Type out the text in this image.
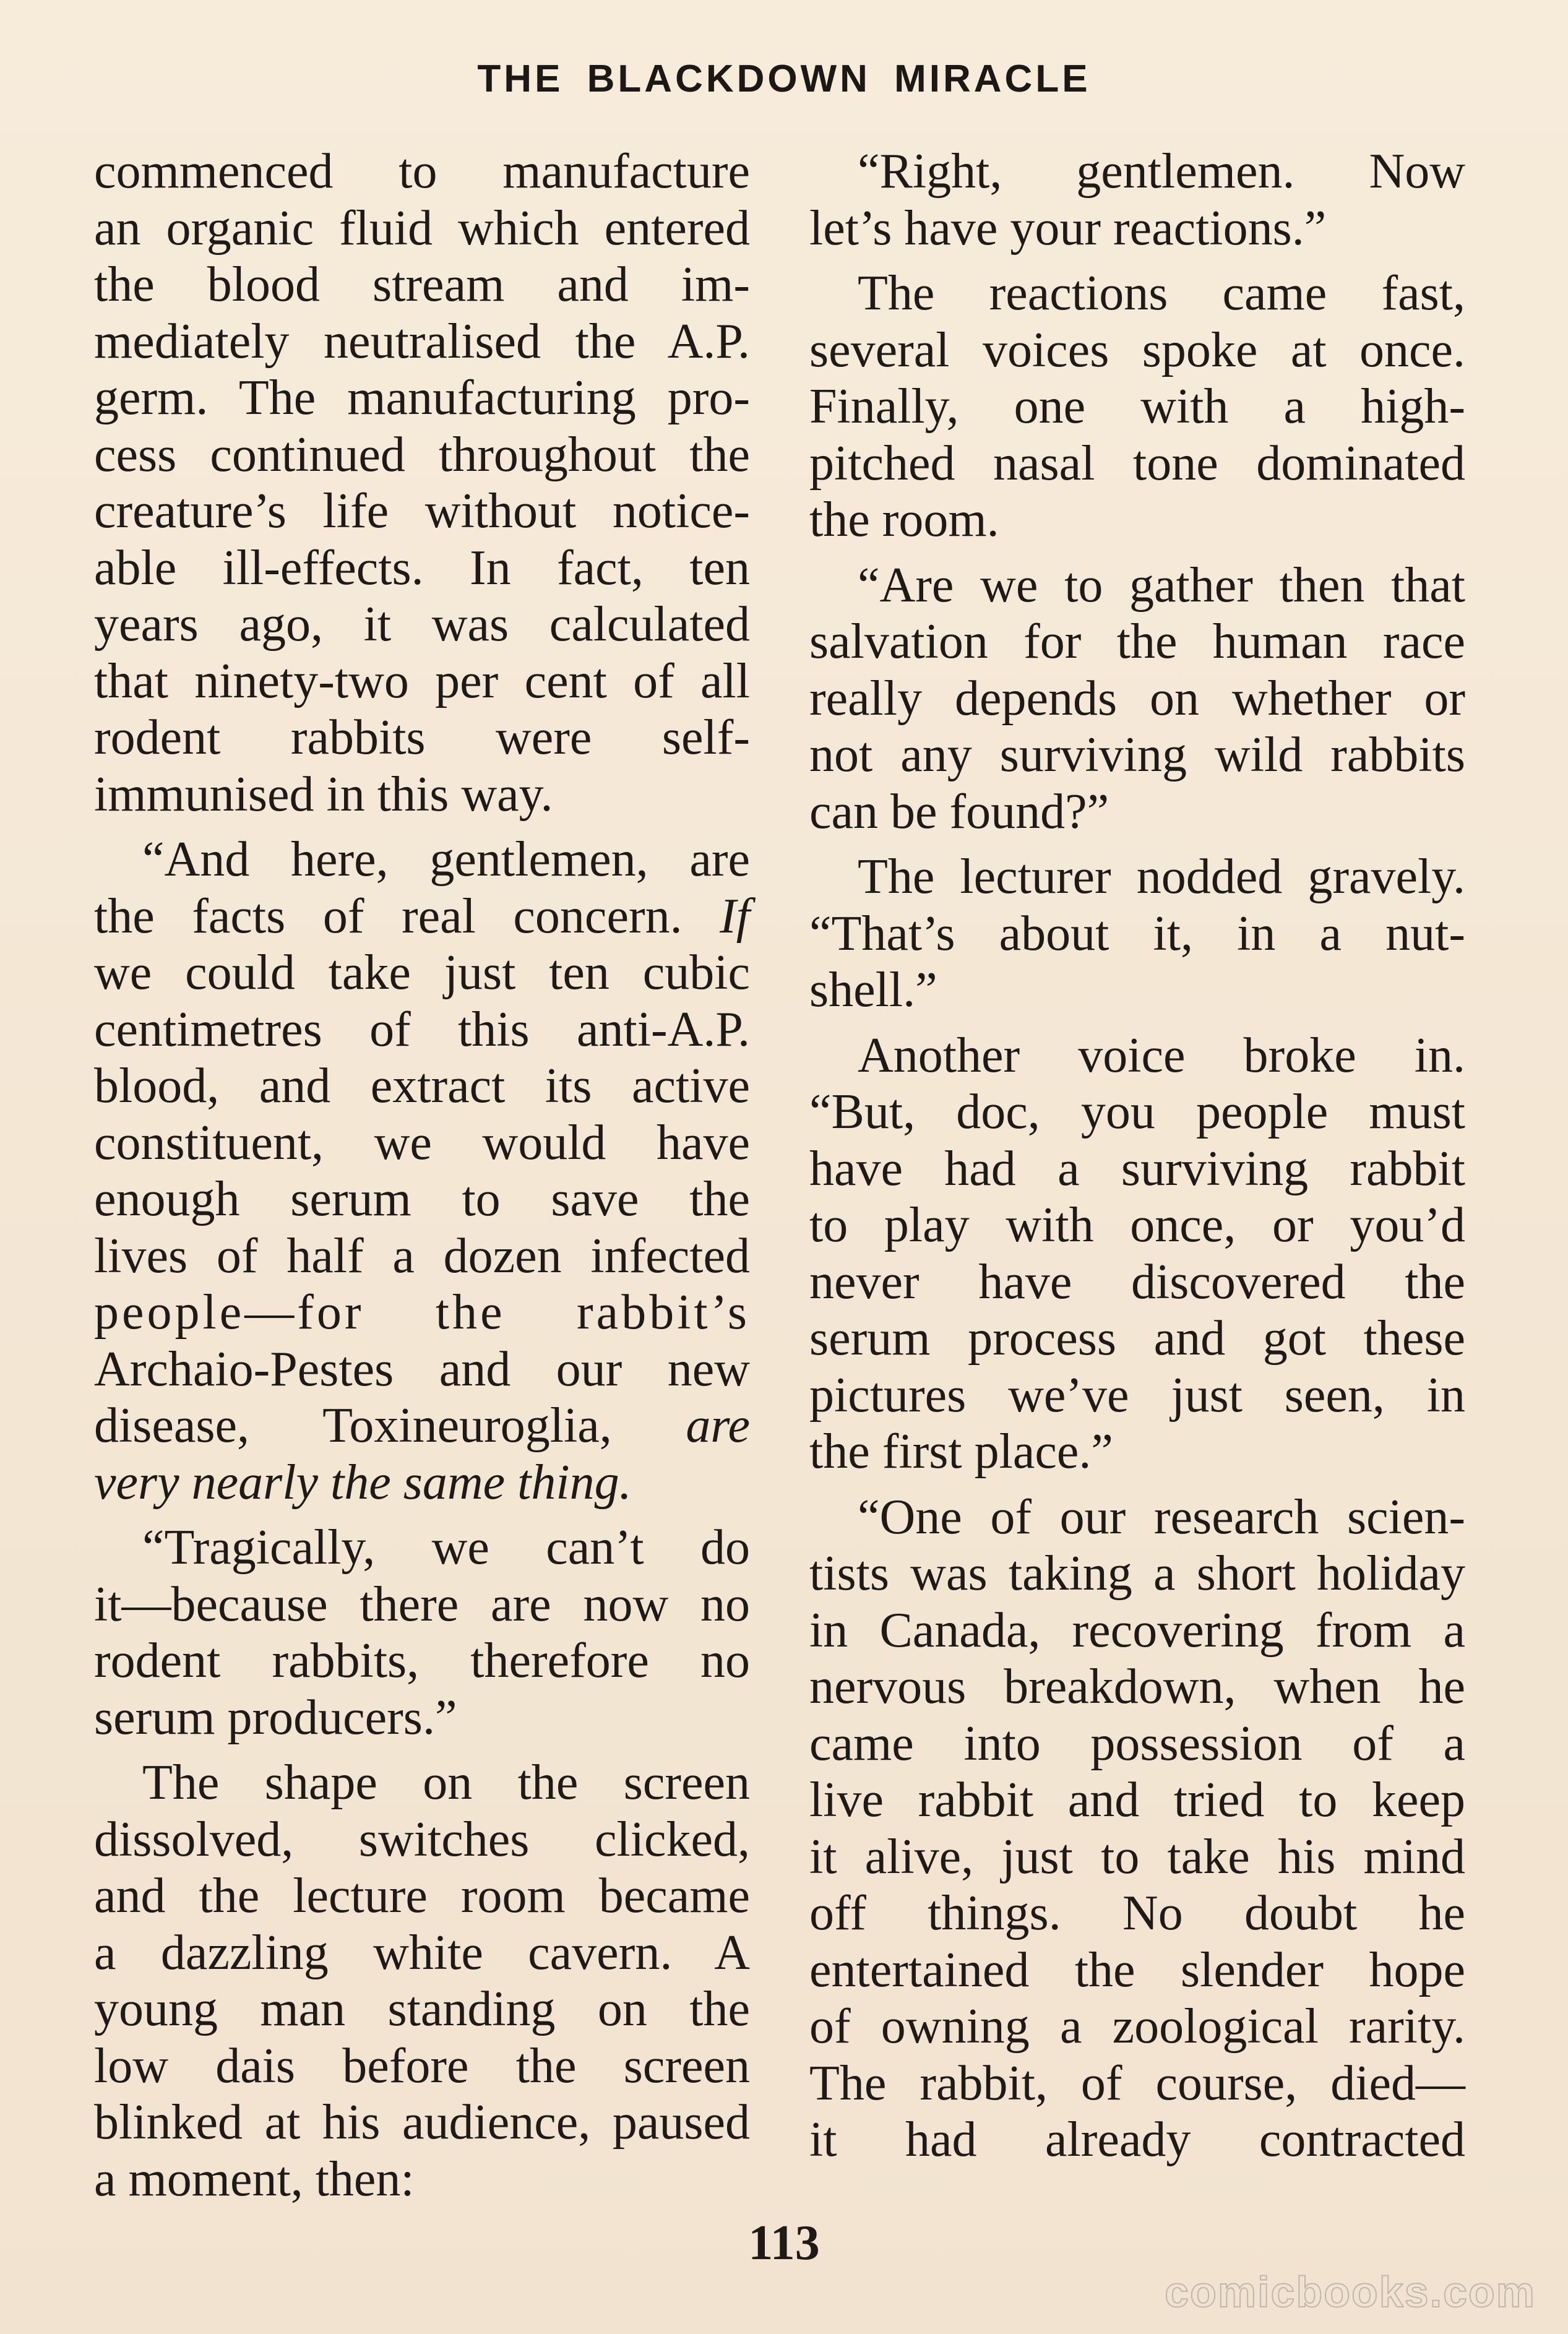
THE BLACKDOWN MIRACLE

commenced to manufacture
an organic fluid which entered
the blood stream and im-
mediately neutralised the A.P.
germ. The manufacturing pro-
cess continued throughout the
creature’s life without notice-
able ill-effects. In fact, ten
years ago, it was calculated
that ninety-two per cent of all
rodent rabbits were self-
immunised in this way.

“And here, gentlemen, are
the facts of real concern. If
we could take just ten cubic
centimetres of this anti-A.P.
blood, and extract its active
constituent, we would have
enough serum to save the
lives of half a dozen infected
people—for the rabbit’s
Archaio-Pestes and our new
disease, Toxineuroglia, are
very nearly the same thing.

“Tragically, we can’t do
it—because there are now no
rodent rabbits, therefore no
serum producers.”

The shape on the screen
dissolved, switches clicked,
and the lecture room became
a dazzling white cavern. A
young man standing on the
low dais before the screen
blinked at his audience, paused
a moment, then:

“Right, gentlemen. Now
let’s have your reactions.”

The reactions came fast,
several voices spoke at once.
Finally, one with a high-
pitched nasal tone dominated
the room.

“Are we to gather then that
salvation for the human race
really depends on whether or
not any surviving wild rabbits
can be found?”

The lecturer nodded gravely.
“That’s about it, in a nut-
shell.”

Another voice broke in.
“But, doc, you people must
have had a surviving rabbit
to play with once, or you’d
never have discovered the
serum process and got these
pictures we’ve just seen, in
the first place.”

“One of our research scien-
tists was taking a short holiday
in Canada, recovering from a
nervous breakdown, when he
came into possession of a
live rabbit and tried to keep
it alive, just to take his mind
off things. No doubt he
entertained the slender hope
of owning a zoological rarity.
The rabbit, of course, died—
it had already contracted

113
comicbooks.com
